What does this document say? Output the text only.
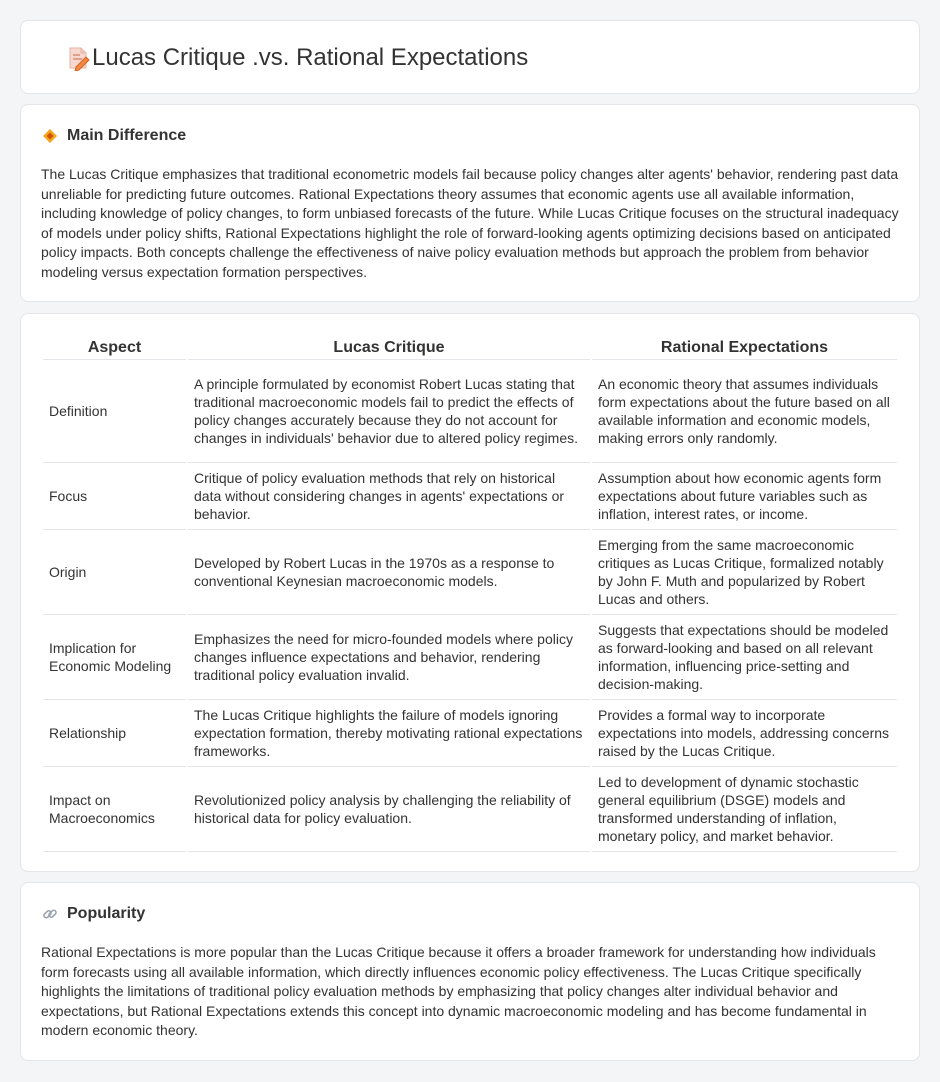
Lucas Critique .vs. Rational Expectations
Main Difference

The Lucas Critique emphasizes that traditional econometric models fail because policy changes alter agents' behavior, rendering past data unreliable for predicting future outcomes. Rational Expectations theory assumes that economic agents use all available information, including knowledge of policy changes, to form unbiased forecasts of the future. While Lucas Critique focuses on the structural inadequacy of models under policy shifts, Rational Expectations highlight the role of forward-looking agents optimizing decisions based on anticipated policy impacts. Both concepts challenge the effectiveness of naive policy evaluation methods but approach the problem from behavior modeling versus expectation formation perspectives.

Aspect	Lucas Critique	Rational Expectations
Definition	A principle formulated by economist Robert Lucas stating that traditional macroeconomic models fail to predict the effects of policy changes accurately because they do not account for changes in individuals' behavior due to altered policy regimes.	An economic theory that assumes individuals form expectations about the future based on all available information and economic models, making errors only randomly.
Focus	Critique of policy evaluation methods that rely on historical data without considering changes in agents' expectations or behavior.	Assumption about how economic agents form expectations about future variables such as inflation, interest rates, or income.
Origin	Developed by Robert Lucas in the 1970s as a response to conventional Keynesian macroeconomic models.	Emerging from the same macroeconomic critiques as Lucas Critique, formalized notably by John F. Muth and popularized by Robert Lucas and others.
Implication for Economic Modeling	Emphasizes the need for micro-founded models where policy changes influence expectations and behavior, rendering traditional policy evaluation invalid.	Suggests that expectations should be modeled as forward-looking and based on all relevant information, influencing price-setting and decision-making.
Relationship	The Lucas Critique highlights the failure of models ignoring expectation formation, thereby motivating rational expectations frameworks.	Provides a formal way to incorporate expectations into models, addressing concerns raised by the Lucas Critique.
Impact on Macroeconomics	Revolutionized policy analysis by challenging the reliability of historical data for policy evaluation.	Led to development of dynamic stochastic general equilibrium (DSGE) models and transformed understanding of inflation, monetary policy, and market behavior.
Popularity

Rational Expectations is more popular than the Lucas Critique because it offers a broader framework for understanding how individuals form forecasts using all available information, which directly influences economic policy effectiveness. The Lucas Critique specifically highlights the limitations of traditional policy evaluation methods by emphasizing that policy changes alter individual behavior and expectations, but Rational Expectations extends this concept into dynamic macroeconomic modeling and has become fundamental in modern economic theory.
